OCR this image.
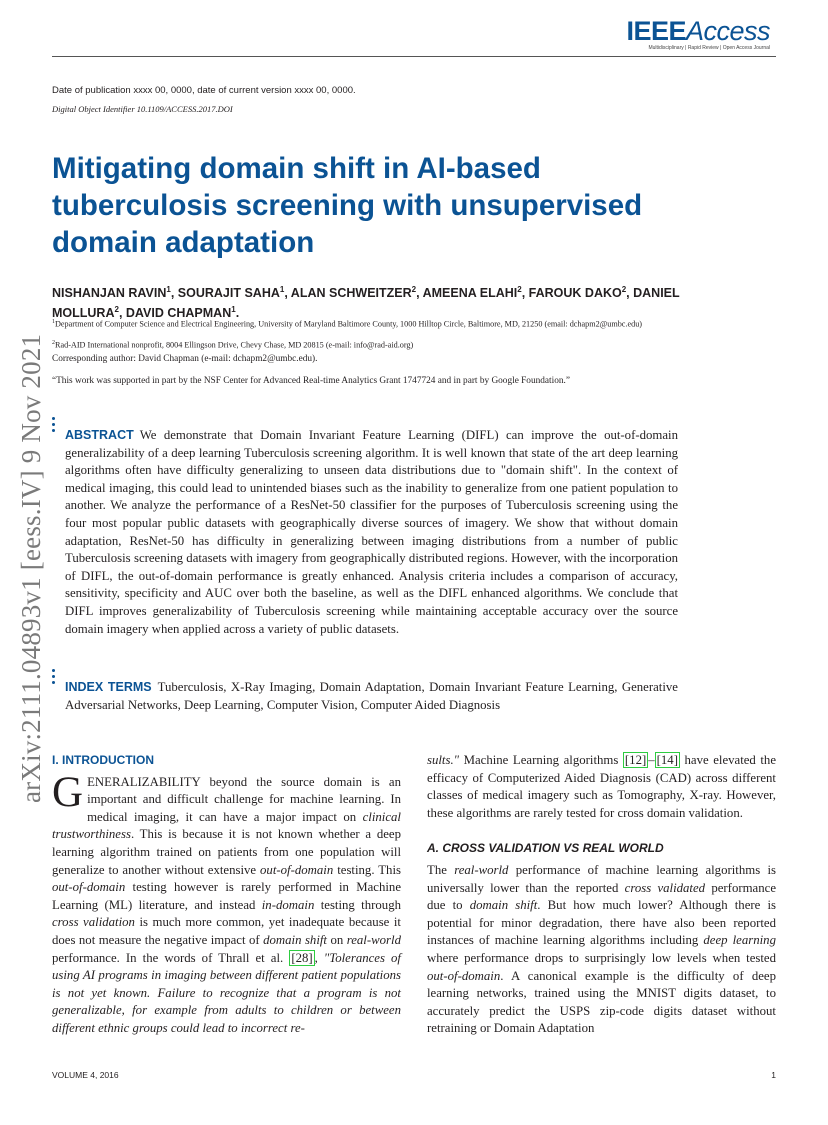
IEEEAccess
Multidisciplinary | Rapid Review | Open Access Journal
Date of publication xxxx 00, 0000, date of current version xxxx 00, 0000.
Digital Object Identifier 10.1109/ACCESS.2017.DOI
arXiv:2111.04893v1 [eess.IV] 9 Nov 2021
Mitigating domain shift in AI-based tuberculosis screening with unsupervised domain adaptation
NISHANJAN RAVIN$^1$, SOURAJIT SAHA$^1$, ALAN SCHWEITZER$^2$, AMEENA ELAHI$^2$, FAROUK DAKO$^2$, DANIEL MOLLURA$^2$, DAVID CHAPMAN$^1$.
$^1$Department of Computer Science and Electrical Engineering, University of Maryland Baltimore County, 1000 Hilltop Circle, Baltimore, MD, 21250 (email: dchapm2@umbc.edu)
$^2$Rad-AID International nonprofit, 8004 Ellingson Drive, Chevy Chase, MD 20815 (e-mail: info@rad-aid.org)
Corresponding author: David Chapman (e-mail: dchapm2@umbc.edu).
“This work was supported in part by the NSF Center for Advanced Real-time Analytics Grant 1747724 and in part by Google Foundation.”
ABSTRACT We demonstrate that Domain Invariant Feature Learning (DIFL) can improve the out-of-domain generalizability of a deep learning Tuberculosis screening algorithm. It is well known that state of the art deep learning algorithms often have difficulty generalizing to unseen data distributions due to "domain shift". In the context of medical imaging, this could lead to unintended biases such as the inability to generalize from one patient population to another. We analyze the performance of a ResNet-50 classifier for the purposes of Tuberculosis screening using the four most popular public datasets with geographically diverse sources of imagery. We show that without domain adaptation, ResNet-50 has difficulty in generalizing between imaging distributions from a number of public Tuberculosis screening datasets with imagery from geographically distributed regions. However, with the incorporation of DIFL, the out-of-domain performance is greatly enhanced. Analysis criteria includes a comparison of accuracy, sensitivity, specificity and AUC over both the baseline, as well as the DIFL enhanced algorithms. We conclude that DIFL improves generalizability of Tuberculosis screening while maintaining acceptable accuracy over the source domain imagery when applied across a variety of public datasets.
INDEX TERMS Tuberculosis, X-Ray Imaging, Domain Adaptation, Domain Invariant Feature Learning, Generative Adversarial Networks, Deep Learning, Computer Vision, Computer Aided Diagnosis
I. INTRODUCTION
GENERALIZABILITY beyond the source domain is an important and difficult challenge for machine learning. In medical imaging, it can have a major impact on clinical trustworthiness. This is because it is not known whether a deep learning algorithm trained on patients from one population will generalize to another without extensive out-of-domain testing. This out-of-domain testing however is rarely performed in Machine Learning (ML) literature, and instead in-domain testing through cross validation is much more common, yet inadequate because it does not measure the negative impact of domain shift on real-world performance. In the words of Thrall et al. [28] , "Tolerances of using AI programs in imaging between different patient populations is not yet known. Failure to recognize that a program is not generalizable, for example from adults to children or between different ethnic groups could lead to incorrect re-
sults." Machine Learning algorithms [12] – [14] have elevated the efficacy of Computerized Aided Diagnosis (CAD) across different classes of medical imagery such as Tomography, X-ray. However, these algorithms are rarely tested for cross domain validation.
A. CROSS VALIDATION VS REAL WORLD
The real-world performance of machine learning algorithms is universally lower than the reported cross validated performance due to domain shift. But how much lower? Although there is potential for minor degradation, there have also been reported instances of machine learning algorithms including deep learning where performance drops to surprisingly low levels when tested out-of-domain. A canonical example is the difficulty of deep learning networks, trained using the MNIST digits dataset, to accurately predict the USPS zip-code digits dataset without retraining or Domain Adaptation
VOLUME 4, 2016	1
